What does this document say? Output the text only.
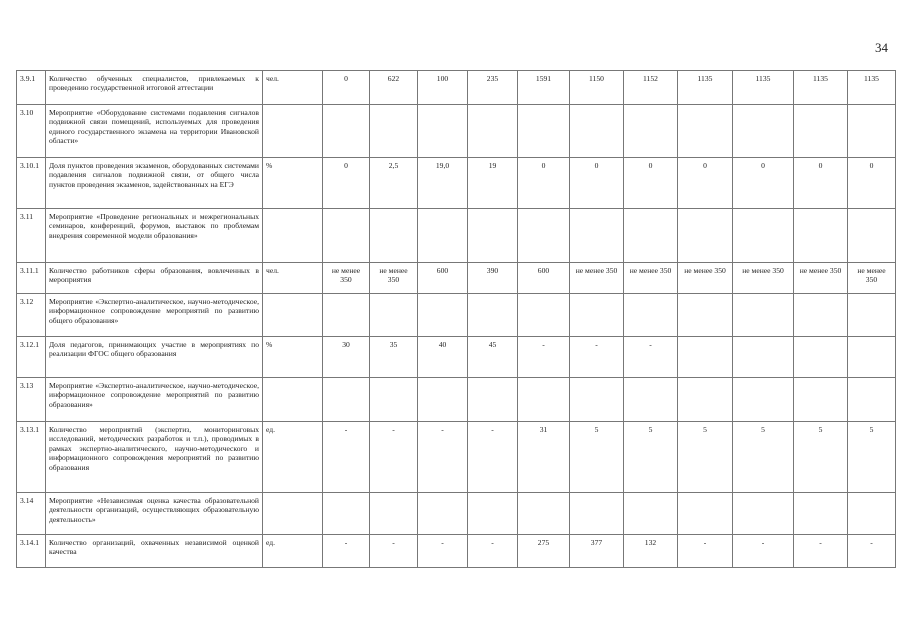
34
3.9.1	Количество обученных специалистов, привлекаемых к проведению государственной итоговой аттестации	чел.	0	622	100	235	1591	1150	1152	1135	1135	1135	1135
3.10	Мероприятие «Оборудование системами подавления сигналов подвижной связи помещений, используемых для проведения единого государственного экзамена на территории Ивановской области»												
3.10.1	Доля пунктов проведения экзаменов, оборудованных системами подавления сигналов подвижной связи, от общего числа пунктов проведения экзаменов, задействованных на ЕГЭ	%	0	2,5	19,0	19	0	0	0	0	0	0	0
3.11	Мероприятие «Проведение региональных и межрегиональных семинаров, конференций, форумов, выставок по проблемам внедрения современной модели образования»												
3.11.1	Количество работников сферы образования, вовлеченных в мероприятия	чел.	не менее 350	не менее 350	600	390	600	не менее 350	не менее 350	не менее 350	не менее 350	не менее 350	не менее 350
3.12	Мероприятие «Экспертно-аналитическое, научно-методическое, информационное сопровождение мероприятий по развитию общего образования»												
3.12.1	Доля педагогов, принимающих участие в мероприятиях по реализации ФГОС общего образования	%	30	35	40	45	-	-	-				
3.13	Мероприятие «Экспертно-аналитическое, научно-методическое, информационное сопровождение мероприятий по развитию образования»												
3.13.1	Количество мероприятий (экспертиз, мониторинговых исследований, методических разработок и т.п.), проводимых в рамках экспертно-аналитического, научно-методического и информационного сопровождения мероприятий по развитию образования	ед.	-	-	-	-	31	5	5	5	5	5	5
3.14	Мероприятие «Независимая оценка качества образовательной деятельности организаций, осуществляющих образовательную деятельность»												
3.14.1	Количество организаций, охваченных независимой оценкой качества	ед.	-	-	-	-	275	377	132	-	-	-	-
